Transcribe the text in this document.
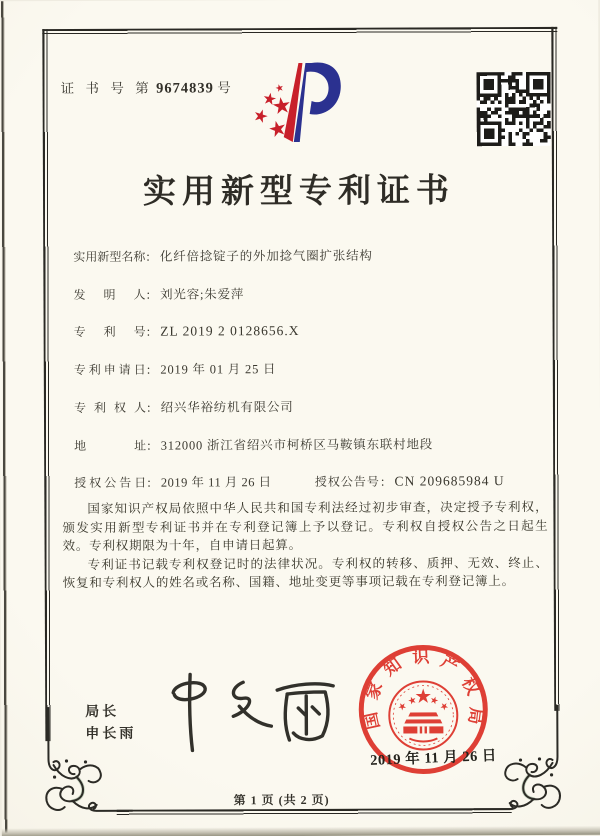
证 书 号 第 9674839 号
实用新型专利证书
实用新型名称: 化纤倍捻锭子的外加捻气圈扩张结构
发明人: 刘光容;朱爱萍
专利号: ZL 2019 2 0128656.X
专利申请日: 2019 年 01 月 25 日
专利权人: 绍兴华裕纺机有限公司
地址: 312000 浙江省绍兴市柯桥区马鞍镇东联村地段
授权公告日: 2019 年 11 月 26 日	授权公告号: CN 209685984 U

国家知识产权局依照中华人民共和国专利法经过初步审查，决定授予专利权，颁发实用新型专利证书并在专利登记簿上予以登记。专利权自授权公告之日起生效。专利权期限为十年，自申请日起算。

专利证书记载专利权登记时的法律状况。专利权的转移、质押、无效、终止、恢复和专利权人的姓名或名称、国籍、地址变更等事项记载在专利登记簿上。

局长
申长雨
国家知识产权局
2019 年 11 月 26 日
第 1 页 (共 2 页)
